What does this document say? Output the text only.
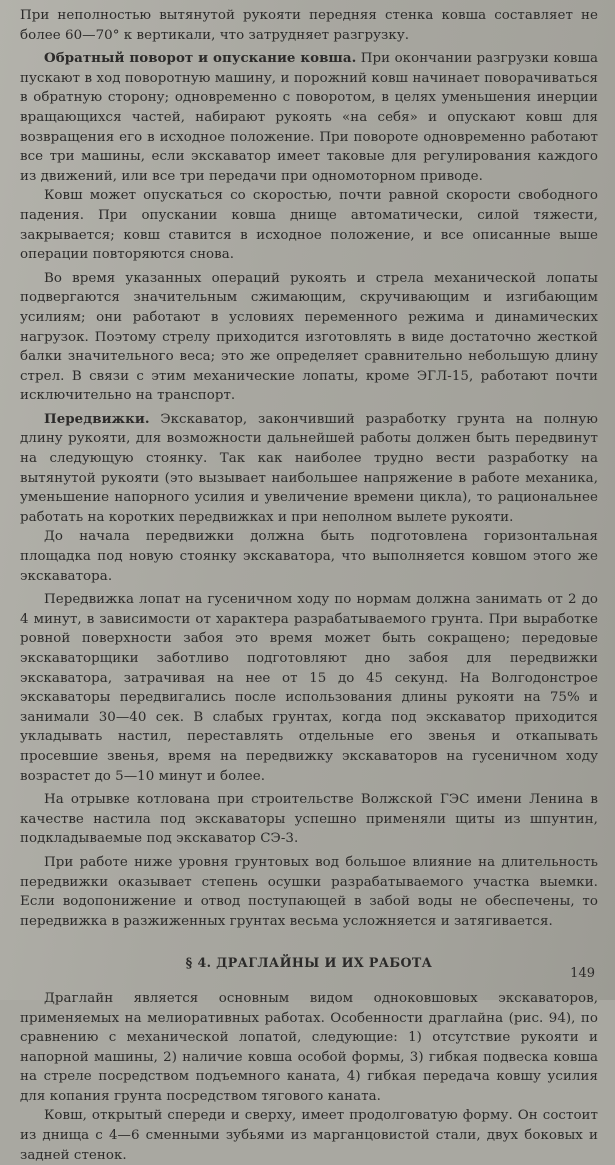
При неполностью вытянутой рукояти передняя стенка ковша составляет не более 60—70° к вертикали, что затрудняет разгрузку.

Обратный поворот и опускание ковша. При окончании разгрузки ковша пускают в ход поворотную машину, и порожний ковш начинает поворачиваться в обратную сторону; одновременно с поворотом, в целях уменьшения инерции вращающихся частей, набирают рукоять «на себя» и опускают ковш для возвращения его в исходное положение. При повороте одновременно работают все три машины, если экскаватор имеет таковые для регулирования каждого из движений, или все три передачи при одномоторном приводе.

Ковш может опускаться со скоростью, почти равной скорости свободного падения. При опускании ковша днище автоматически, силой тяжести, закрывается; ковш ставится в исходное положение, и все описанные выше операции повторяются снова.

Во время указанных операций рукоять и стрела механической лопаты подвергаются значительным сжимающим, скручивающим и изгибающим усилиям; они работают в условиях переменного режима и динамических нагрузок. Поэтому стрелу приходится изготовлять в виде достаточно жесткой балки значительного веса; это же определяет сравнительно небольшую длину стрел. В связи с этим механические лопаты, кроме ЭГЛ-15, работают почти исключительно на транспорт.

Передвижки. Экскаватор, закончивший разработку грунта на полную длину рукояти, для возможности дальнейшей работы должен быть передвинут на следующую стоянку. Так как наиболее трудно вести разработку на вытянутой рукояти (это вызывает наибольшее напряжение в работе механика, уменьшение напорного усилия и увеличение времени цикла), то рациональнее работать на коротких передвижках и при неполном вылете рукояти.

До начала передвижки должна быть подготовлена горизонтальная площадка под новую стоянку экскаватора, что выполняется ковшом этого же экскаватора.

Передвижка лопат на гусеничном ходу по нормам должна занимать от 2 до 4 минут, в зависимости от характера разрабатываемого грунта. При выработке ровной поверхности забоя это время может быть сокращено; передовые экскаваторщики заботливо подготовляют дно забоя для передвижки экскаватора, затрачивая на нее от 15 до 45 секунд. На Волгодонстрое экскаваторы передвигались после использования длины рукояти на 75% и занимали 30—40 сек. В слабых грунтах, когда под экскаватор приходится укладывать настил, переставлять отдельные его звенья и откапывать просевшие звенья, время на передвижку экскаваторов на гусеничном ходу возрастет до 5—10 минут и более.

На отрывке котлована при строительстве Волжской ГЭС имени Ленина в качестве настила под экскаваторы успешно применяли щиты из шпунтин, подкладываемые под экскаватор СЭ-3.

При работе ниже уровня грунтовых вод большое влияние на длительность передвижки оказывает степень осушки разрабатываемого участка выемки. Если водопонижение и отвод поступающей в забой воды не обеспечены, то передвижка в разжиженных грунтах весьма усложняется и затягивается.

§ 4. ДРАГЛАЙНЫ И ИХ РАБОТА

Драглайн является основным видом одноковшовых экскаваторов, применяемых на мелиоративных работах. Особенности драглайна (рис. 94), по сравнению с механической лопатой, следующие: 1) отсутствие рукояти и напорной машины, 2) наличие ковша особой формы, 3) гибкая подвеска ковша на стреле посредством подъемного каната, 4) гибкая передача ковшу усилия для копания грунта посредством тягового каната.

Ковш, открытый спереди и сверху, имеет продолговатую форму. Он состоит из днища с 4—6 сменными зубьями из марганцовистой стали, двух боковых и задней стенок.

149
